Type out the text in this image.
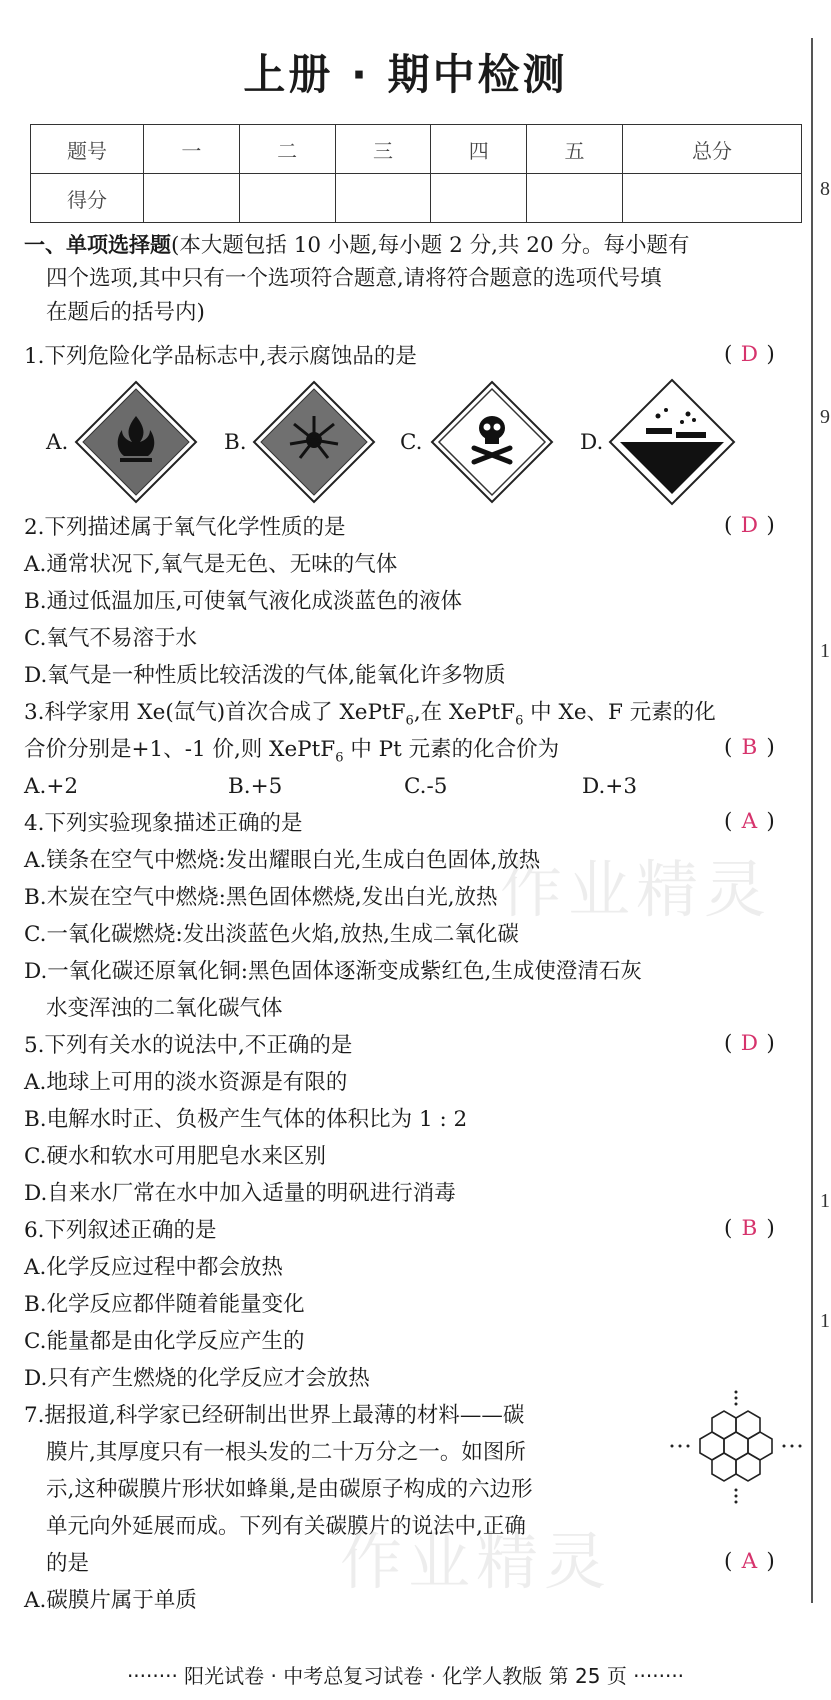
8
9
1
1
1
作业精灵
作业精灵
上册 · 期中检测
题号	一	二	三	四	五	总分
得分						
一、单项选择题(本大题包括 10 小题,每小题 2 分,共 20 分。每小题有
四个选项,其中只有一个选项符合题意,请将符合题意的选项代号填
在题后的括号内)
1.下列危险化学品标志中,表示腐蚀品的是	( D )
A.	B.	C.	D.
2.下列描述属于氧气化学性质的是	( D )
A.通常状况下,氧气是无色、无味的气体
B.通过低温加压,可使氧气液化成淡蓝色的液体
C.氧气不易溶于水
D.氧气是一种性质比较活泼的气体,能氧化许多物质
3.科学家用 Xe(氙气)首次合成了 XePtF$_6$,在 XePtF$_6$ 中 Xe、F 元素的化
合价分别是+1、-1 价,则 XePtF$_6$ 中 Pt 元素的化合价为	( B )
A.+2	B.+5	C.-5	D.+3
4.下列实验现象描述正确的是	( A )
A.镁条在空气中燃烧:发出耀眼白光,生成白色固体,放热
B.木炭在空气中燃烧:黑色固体燃烧,发出白光,放热
C.一氧化碳燃烧:发出淡蓝色火焰,放热,生成二氧化碳
D.一氧化碳还原氧化铜:黑色固体逐渐变成紫红色,生成使澄清石灰
水变浑浊的二氧化碳气体
5.下列有关水的说法中,不正确的是	( D )
A.地球上可用的淡水资源是有限的
B.电解水时正、负极产生气体的体积比为 1 : 2
C.硬水和软水可用肥皂水来区别
D.自来水厂常在水中加入适量的明矾进行消毒
6.下列叙述正确的是	( B )
A.化学反应过程中都会放热
B.化学反应都伴随着能量变化
C.能量都是由化学反应产生的
D.只有产生燃烧的化学反应才会放热
7.据报道,科学家已经研制出世界上最薄的材料——碳
膜片,其厚度只有一根头发的二十万分之一。如图所
示,这种碳膜片形状如蜂巢,是由碳原子构成的六边形
单元向外延展而成。下列有关碳膜片的说法中,正确
的是	( A )
A.碳膜片属于单质
········ 阳光试卷 · 中考总复习试卷 · 化学人教版 第 25 页 ········
